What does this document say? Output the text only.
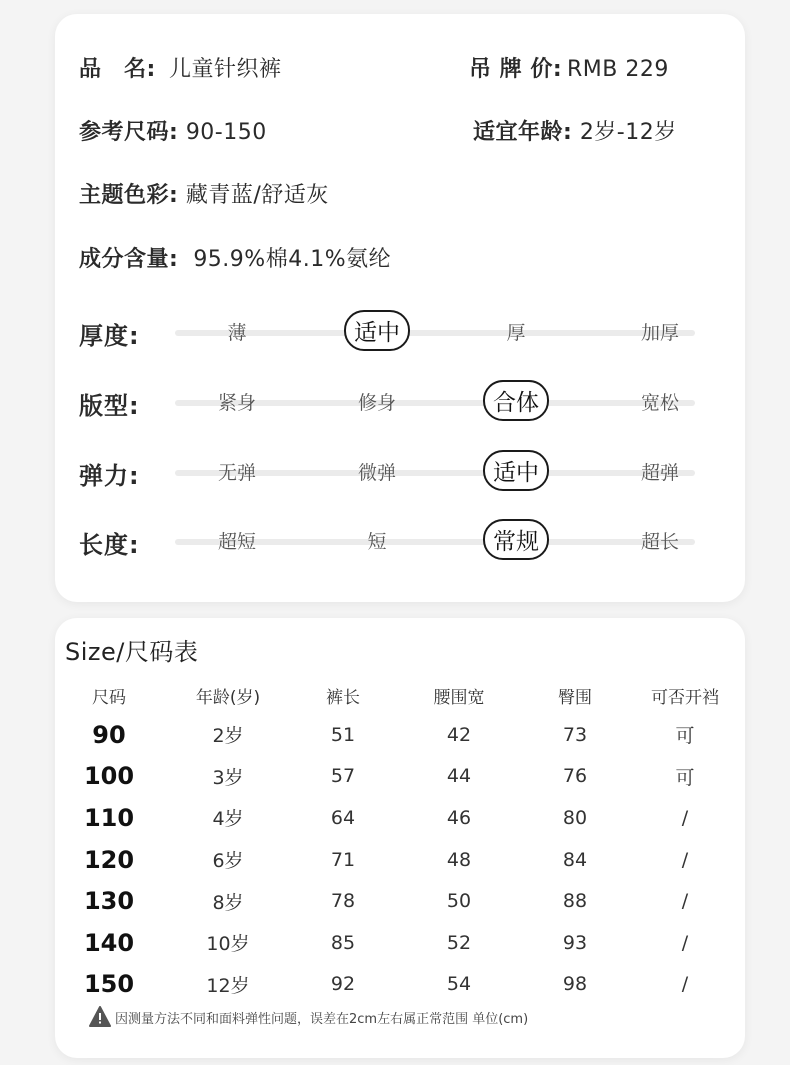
品　名: 儿童针织裤	吊 牌 价: RMB 229
参考尺码: 90-150	适宜年龄: 2岁-12岁
主题色彩: 藏青蓝/舒适灰
成分含量: 95.9%棉4.1%氨纶
厚度:	薄	适中	厚	加厚
版型:	紧身	修身	合体	宽松
弹力:	无弹	微弹	适中	超弹
长度:	超短	短	常规	超长
Size/尺码表
尺码	年龄(岁)	裤长	腰围宽	臀围	可否开裆
90	2岁	51	42	73	可
100	3岁	57	44	76	可
110	4岁	64	46	80	/
120	6岁	71	48	84	/
130	8岁	78	50	88	/
140	10岁	85	52	93	/
150	12岁	92	54	98	/
因测量方法不同和面料弹性问题，误差在2cm左右属正常范围 单位(cm)
